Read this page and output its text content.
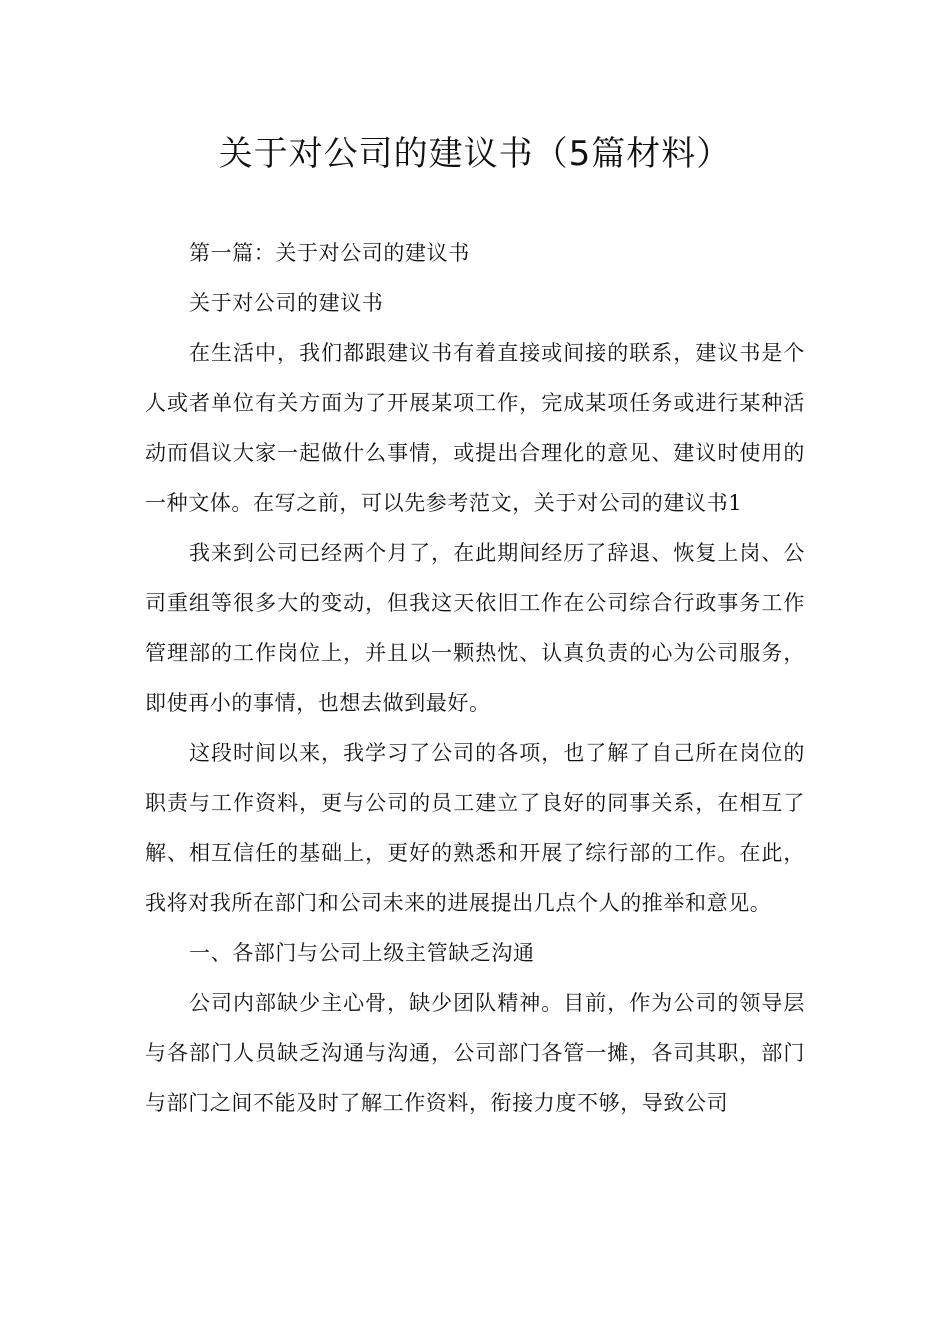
关于对公司的建议书（5篇材料）

第一篇：关于对公司的建议书

关于对公司的建议书

在生活中，我们都跟建议书有着直接或间接的联系，建议书是个人或者单位有关方面为了开展某项工作，完成某项任务或进行某种活动而倡议大家一起做什么事情，或提出合理化的意见、建议时使用的一种文体。在写之前，可以先参考范文，关于对公司的建议书1

我来到公司已经两个月了，在此期间经历了辞退、恢复上岗、公司重组等很多大的变动，但我这天依旧工作在公司综合行政事务工作管理部的工作岗位上，并且以一颗热忱、认真负责的心为公司服务，即使再小的事情，也想去做到最好。

这段时间以来，我学习了公司的各项，也了解了自己所在岗位的职责与工作资料，更与公司的员工建立了良好的同事关系，在相互了解、相互信任的基础上，更好的熟悉和开展了综行部的工作。在此，我将对我所在部门和公司未来的进展提出几点个人的推举和意见。

一、各部门与公司上级主管缺乏沟通

公司内部缺少主心骨，缺少团队精神。目前，作为公司的领导层与各部门人员缺乏沟通与沟通，公司部门各管一摊，各司其职，部门与部门之间不能及时了解工作资料，衔接力度不够，导致公司
